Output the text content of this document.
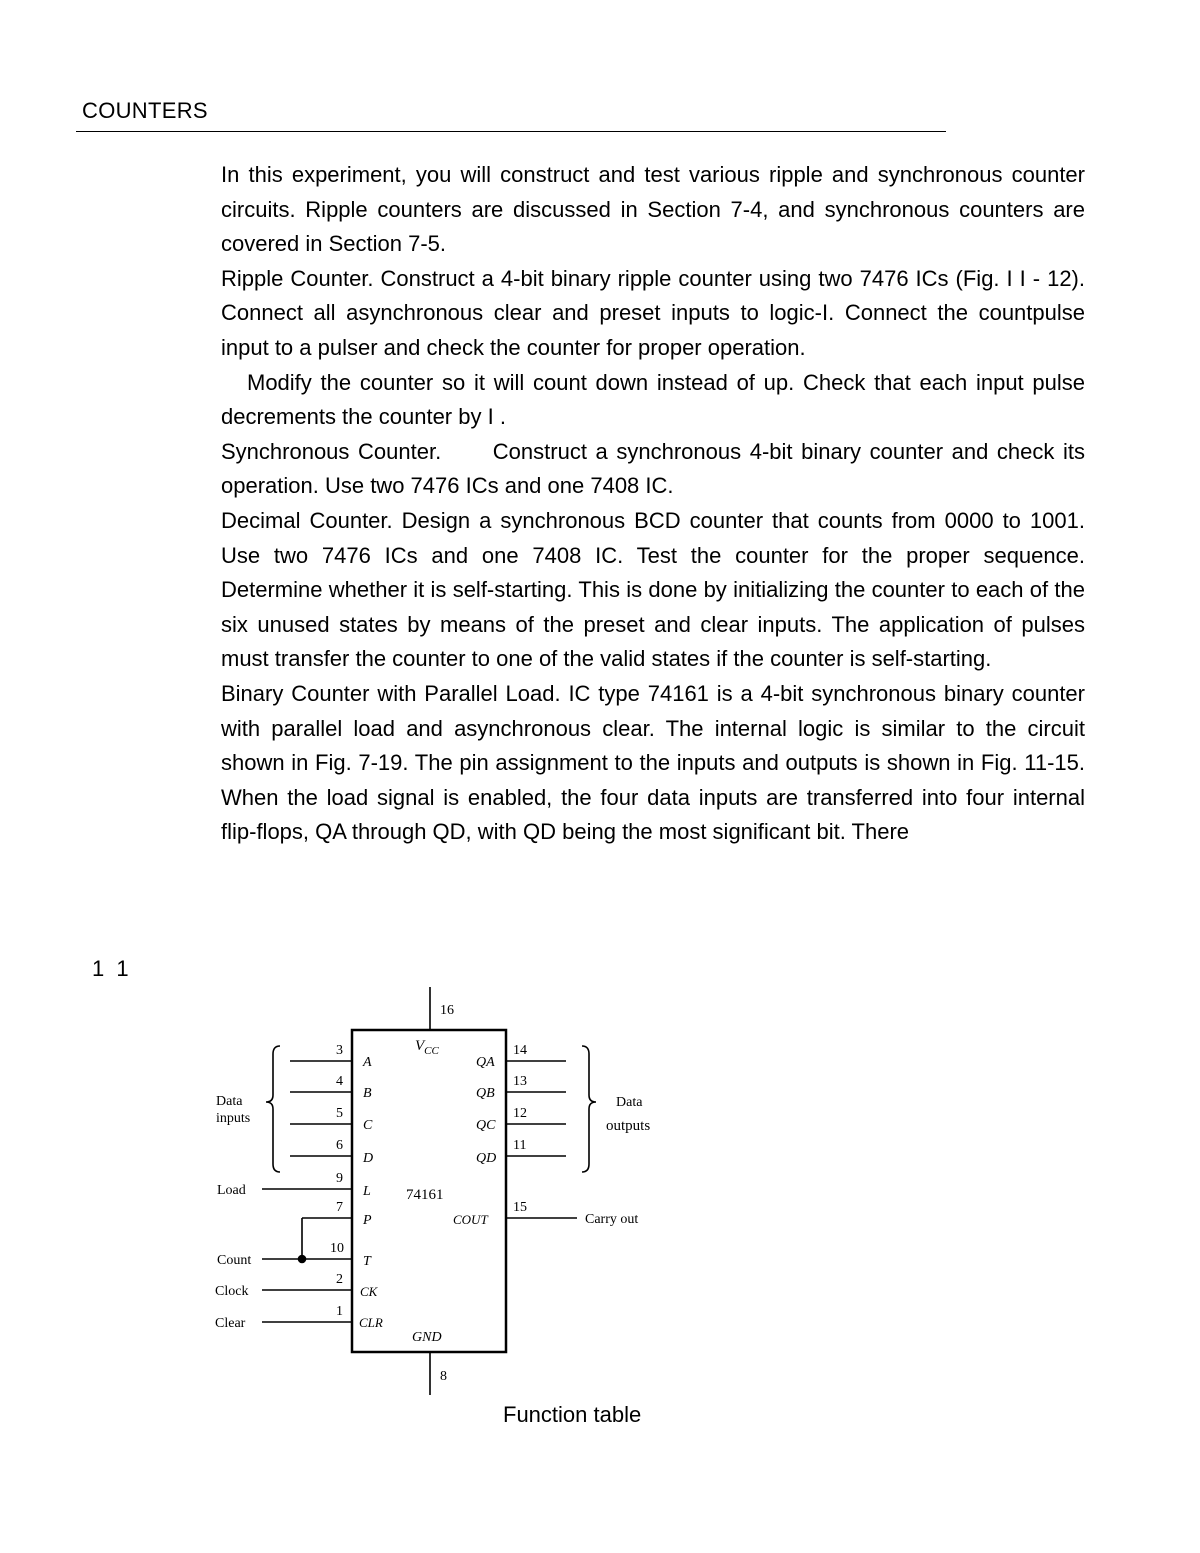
COUNTERS

In this experiment, you will construct and test various ripple and synchronous counter circuits. Ripple counters are discussed in Section 7-4, and synchronous counters are covered in Section 7-5.

Ripple Counter. Construct a 4-bit binary ripple counter using two 7476 ICs (Fig. I I - 12). Connect all asynchronous clear and preset inputs to logic-I. Connect the countpulse input to a pulser and check the counter for proper operation.

Modify the counter so it will count down instead of up. Check that each input pulse decrements the counter by I .

Synchronous Counter.      Construct a synchronous 4-bit binary counter and check its operation. Use two 7476 ICs and one 7408 IC.

Decimal Counter. Design a synchronous BCD counter that counts from 0000 to 1001. Use two 7476 ICs and one 7408 IC. Test the counter for the proper sequence. Determine whether it is self-starting. This is done by initializing the counter to each of the six unused states by means of the preset and clear inputs. The application of pulses must transfer the counter to one of the valid states if the counter is self-starting.

Binary Counter with Parallel Load. IC type 74161 is a 4-bit synchronous binary counter with parallel load and asynchronous clear. The internal logic is similar to the circuit shown in Fig. 7-19. The pin assignment to the inputs and outputs is shown in Fig. 11-15. When the load signal is enabled, the four data inputs are transferred into four internal flip-flops, QA through QD, with QD being the most significant bit. There

1 1
16
$V_{CC}$
8
GND
3
4
5
6
A
B
C
D
Data
inputs
14
13
12
11
QA
QB
QC
QD
Data
outputs
Load
9
L 74161
7
P
Count
10
T
Clock
2
CK
Clear
1
CLR
15
COUT	Carry out
Function table
